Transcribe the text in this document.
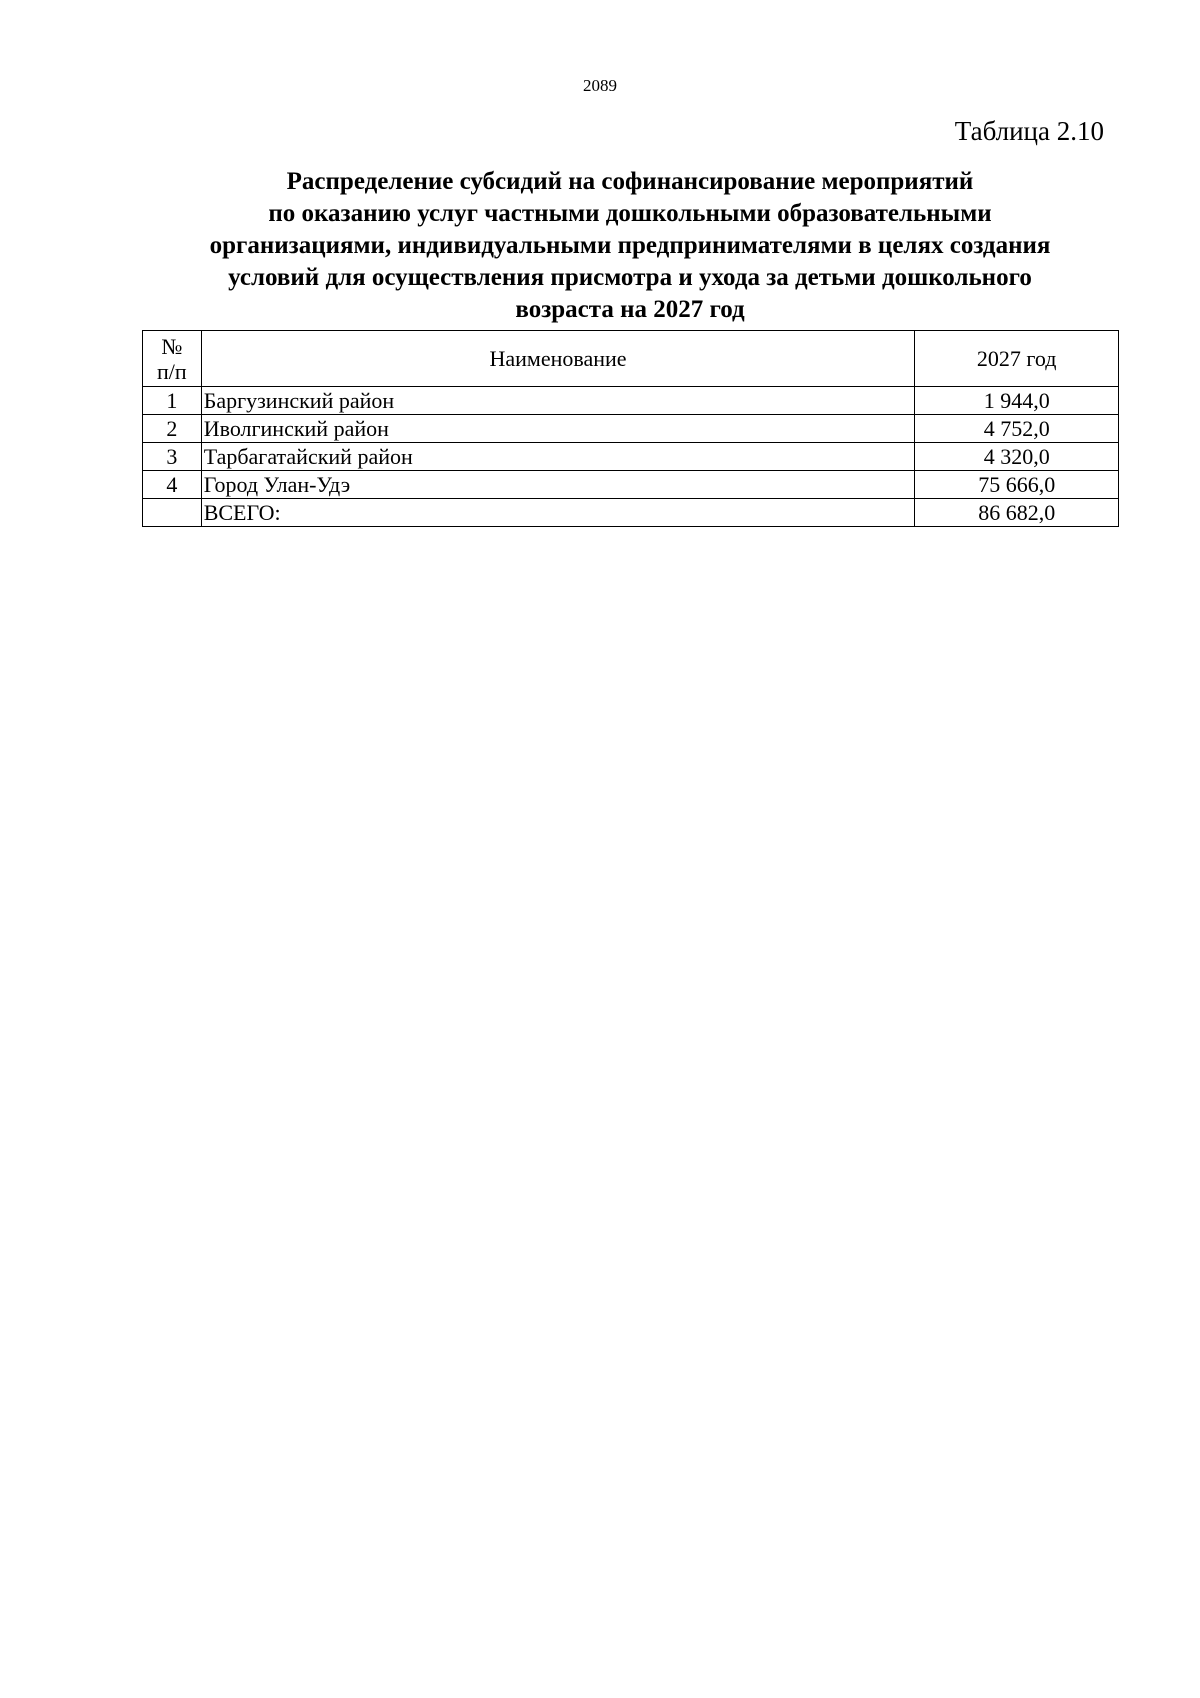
2089
Таблица 2.10
Распределение субсидий на софинансирование мероприятий
по оказанию услуг частными дошкольными образовательными
организациями, индивидуальными предпринимателями в целях создания
условий для осуществления присмотра и ухода за детьми дошкольного
возраста на 2027 год
№
п/п	Наименование	2027 год
1	Баргузинский район	1 944,0
2	Иволгинский район	4 752,0
3	Тарбагатайский район	4 320,0
4	Город Улан-Удэ	75 666,0
	ВСЕГО:	86 682,0
